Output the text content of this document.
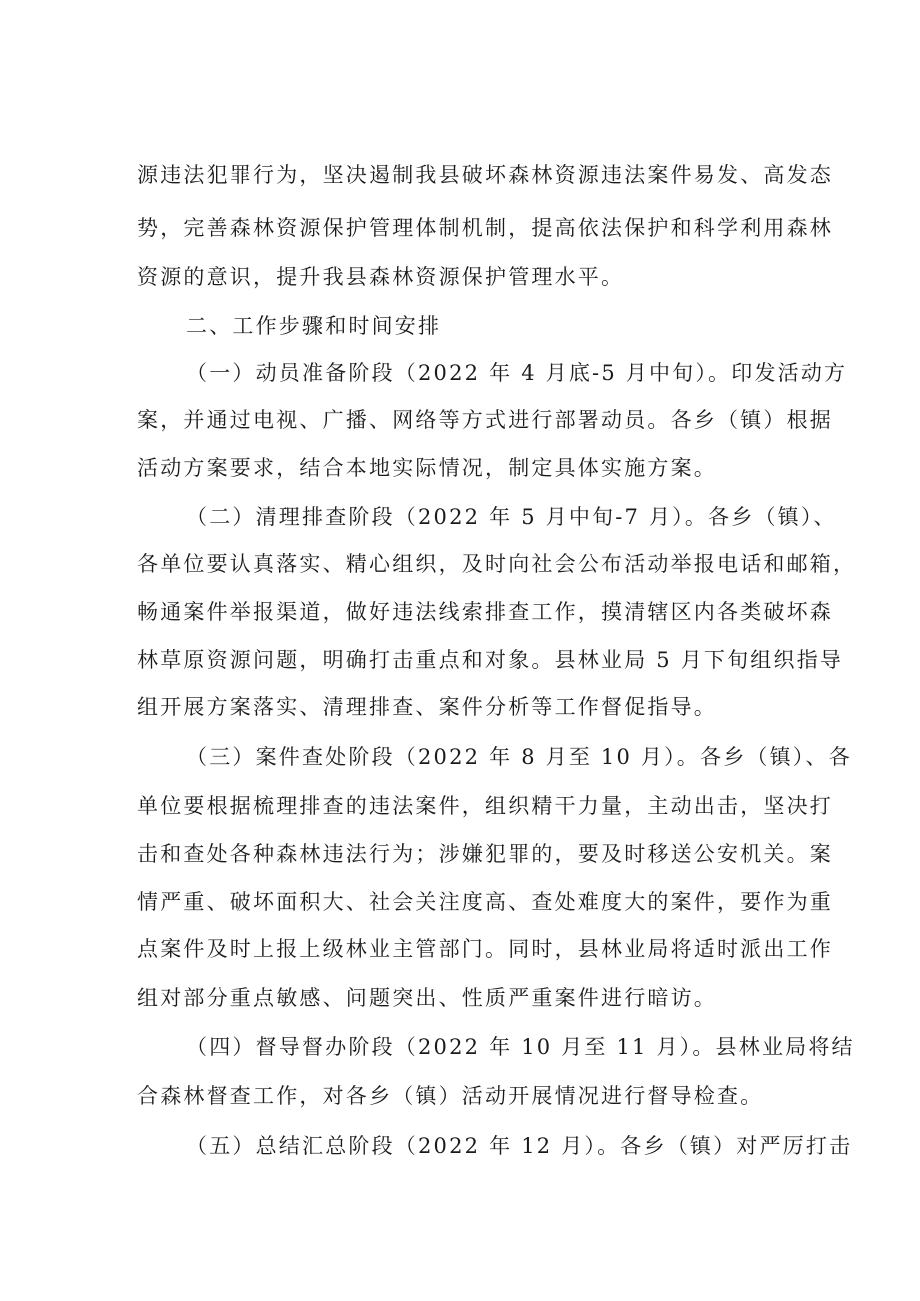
源违法犯罪行为，坚决遏制我县破坏森林资源违法案件易发、高发态
势，完善森林资源保护管理体制机制，提高依法保护和科学利用森林
资源的意识，提升我县森林资源保护管理水平。
二、工作步骤和时间安排
（一）动员准备阶段（2022 年 4 月底-5 月中旬）。印发活动方
案，并通过电视、广播、网络等方式进行部署动员。各乡（镇）根据
活动方案要求，结合本地实际情况，制定具体实施方案。
（二）清理排查阶段（2022 年 5 月中旬-7 月）。各乡（镇）、
各单位要认真落实、精心组织，及时向社会公布活动举报电话和邮箱，
畅通案件举报渠道，做好违法线索排查工作，摸清辖区内各类破坏森
林草原资源问题，明确打击重点和对象。县林业局 5 月下旬组织指导
组开展方案落实、清理排查、案件分析等工作督促指导。
（三）案件查处阶段（2022 年 8 月至 10 月）。各乡（镇）、各
单位要根据梳理排查的违法案件，组织精干力量，主动出击，坚决打
击和查处各种森林违法行为；涉嫌犯罪的，要及时移送公安机关。案
情严重、破坏面积大、社会关注度高、查处难度大的案件，要作为重
点案件及时上报上级林业主管部门。同时，县林业局将适时派出工作
组对部分重点敏感、问题突出、性质严重案件进行暗访。
（四）督导督办阶段（2022 年 10 月至 11 月）。县林业局将结
合森林督查工作，对各乡（镇）活动开展情况进行督导检查。
（五）总结汇总阶段（2022 年 12 月）。各乡（镇）对严厉打击
